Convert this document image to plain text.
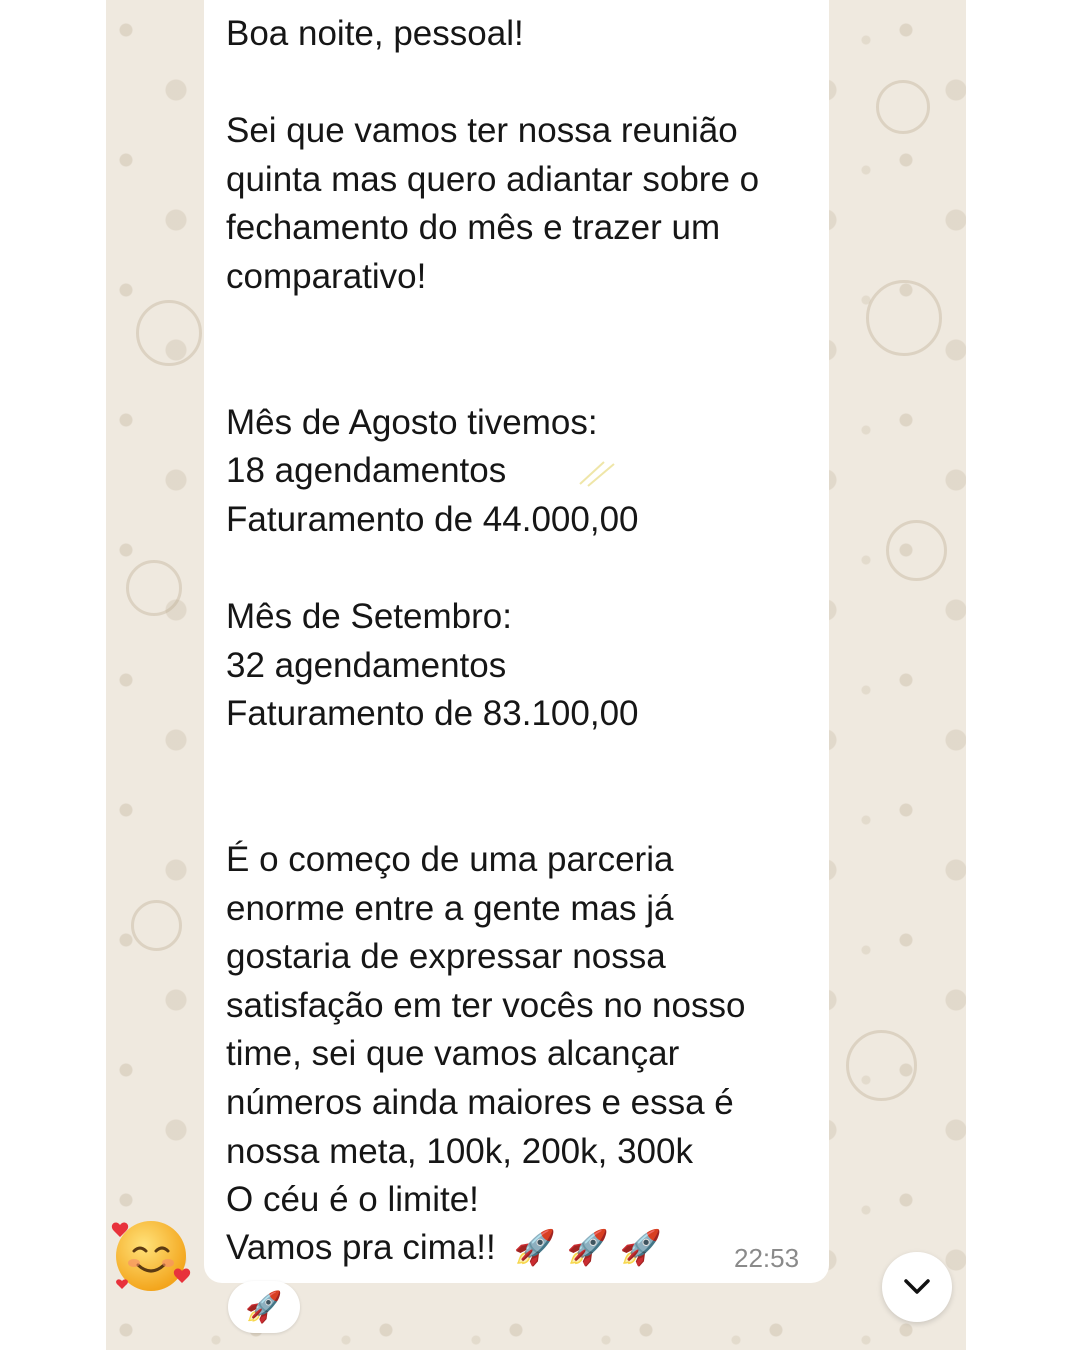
Boa noite, pessoal!

Sei que vamos ter nossa reunião
quinta mas quero adiantar sobre o
fechamento do mês e trazer um
comparativo!

Mês de Agosto tivemos:
18 agendamentos
Faturamento de 44.000,00

Mês de Setembro:
32 agendamentos
Faturamento de 83.100,00

É o começo de uma parceria
enorme entre a gente mas já
gostaria de expressar nossa
satisfação em ter vocês no nosso
time, sei que vamos alcançar
números ainda maiores e essa é
nossa meta, 100k, 200k, 300k
O céu é o limite!
Vamos pra cima!! 🚀 🚀 🚀	22:53
🚀
